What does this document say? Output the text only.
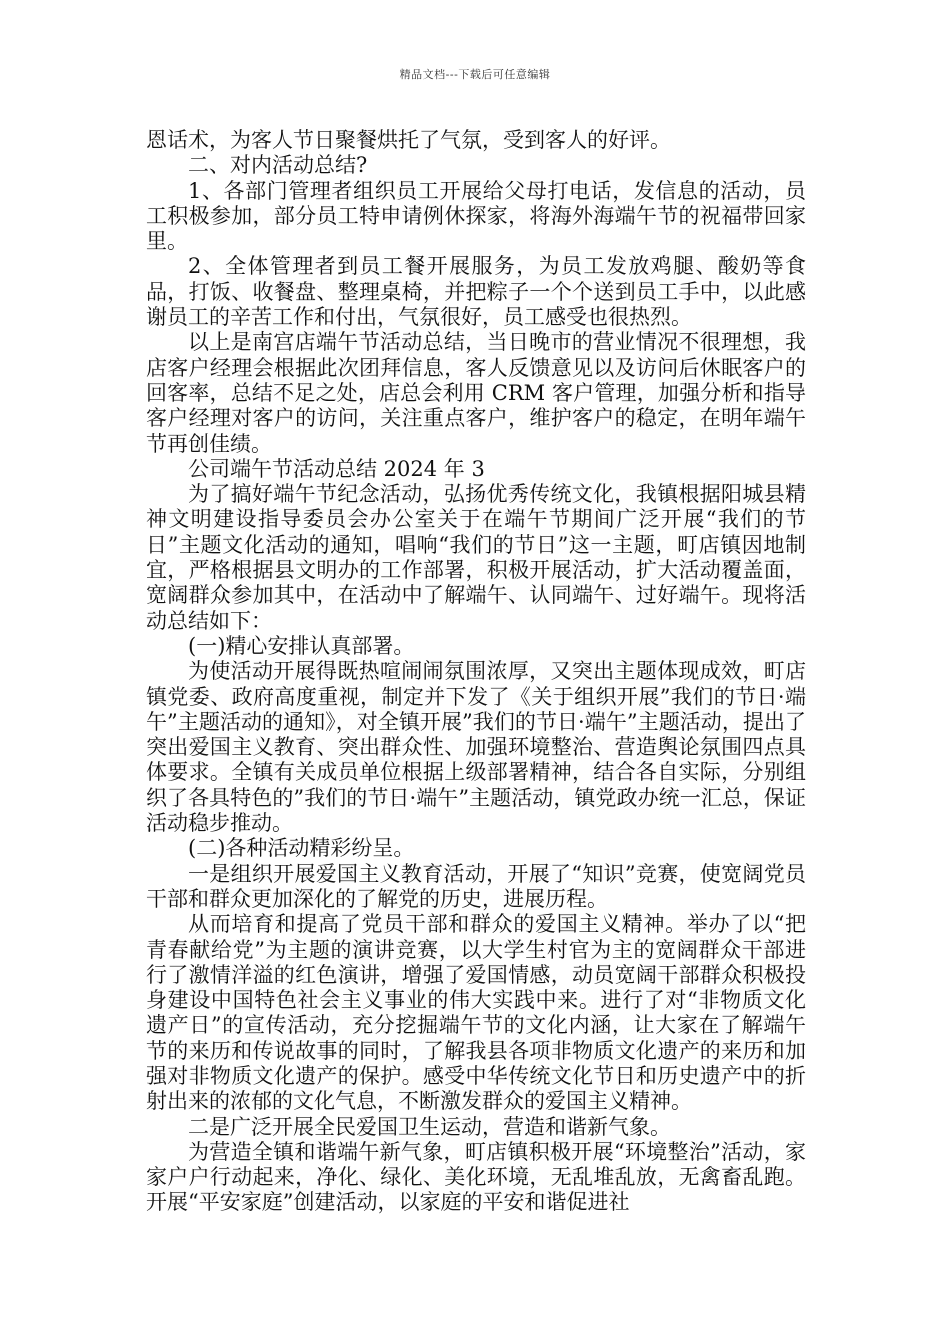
精品文档---下载后可任意编辑

恩话术，为客人节日聚餐烘托了气氛，受到客人的好评。

二、对内活动总结?

1、各部门管理者组织员工开展给父母打电话，发信息的活动，员工积极参加，部分员工特申请例休探家，将海外海端午节的祝福带回家里。

2、全体管理者到员工餐开展服务，为员工发放鸡腿、酸奶等食品，打饭、收餐盘、整理桌椅，并把粽子一个个送到员工手中，以此感谢员工的辛苦工作和付出，气氛很好，员工感受也很热烈。

以上是南宫店端午节活动总结，当日晚市的营业情况不很理想，我店客户经理会根据此次团拜信息，客人反馈意见以及访问后休眠客户的回客率，总结不足之处，店总会利用 CRM 客户管理，加强分析和指导客户经理对客户的访问，关注重点客户，维护客户的稳定，在明年端午节再创佳绩。

公司端午节活动总结 2024 年 3

为了搞好端午节纪念活动，弘扬优秀传统文化，我镇根据阳城县精神文明建设指导委员会办公室关于在端午节期间广泛开展“我们的节日”主题文化活动的通知，唱响“我们的节日”这一主题，町店镇因地制宜，严格根据县文明办的工作部署，积极开展活动，扩大活动覆盖面，宽阔群众参加其中，在活动中了解端午、认同端午、过好端午。现将活动总结如下：

(一)精心安排认真部署。

为使活动开展得既热喧闹闹氛围浓厚，又突出主题体现成效，町店镇党委、政府高度重视，制定并下发了《关于组织开展”我们的节日·端午”主题活动的通知》，对全镇开展”我们的节日·端午”主题活动，提出了突出爱国主义教育、突出群众性、加强环境整治、营造舆论氛围四点具体要求。全镇有关成员单位根据上级部署精神，结合各自实际，分别组织了各具特色的”我们的节日·端午”主题活动，镇党政办统一汇总，保证活动稳步推动。

(二)各种活动精彩纷呈。

一是组织开展爱国主义教育活动，开展了“知识”竞赛，使宽阔党员干部和群众更加深化的了解党的历史，进展历程。

从而培育和提高了党员干部和群众的爱国主义精神。举办了以“把青春献给党”为主题的演讲竞赛，以大学生村官为主的宽阔群众干部进行了激情洋溢的红色演讲，增强了爱国情感，动员宽阔干部群众积极投身建设中国特色社会主义事业的伟大实践中来。进行了对“非物质文化遗产日”的宣传活动，充分挖掘端午节的文化内涵，让大家在了解端午节的来历和传说故事的同时，了解我县各项非物质文化遗产的来历和加强对非物质文化遗产的保护。感受中华传统文化节日和历史遗产中的折射出来的浓郁的文化气息，不断激发群众的爱国主义精神。

二是广泛开展全民爱国卫生运动，营造和谐新气象。

为营造全镇和谐端午新气象，町店镇积极开展“环境整治”活动，家家户户行动起来，净化、绿化、美化环境，无乱堆乱放，无禽畜乱跑。开展“平安家庭”创建活动，以家庭的平安和谐促进社
